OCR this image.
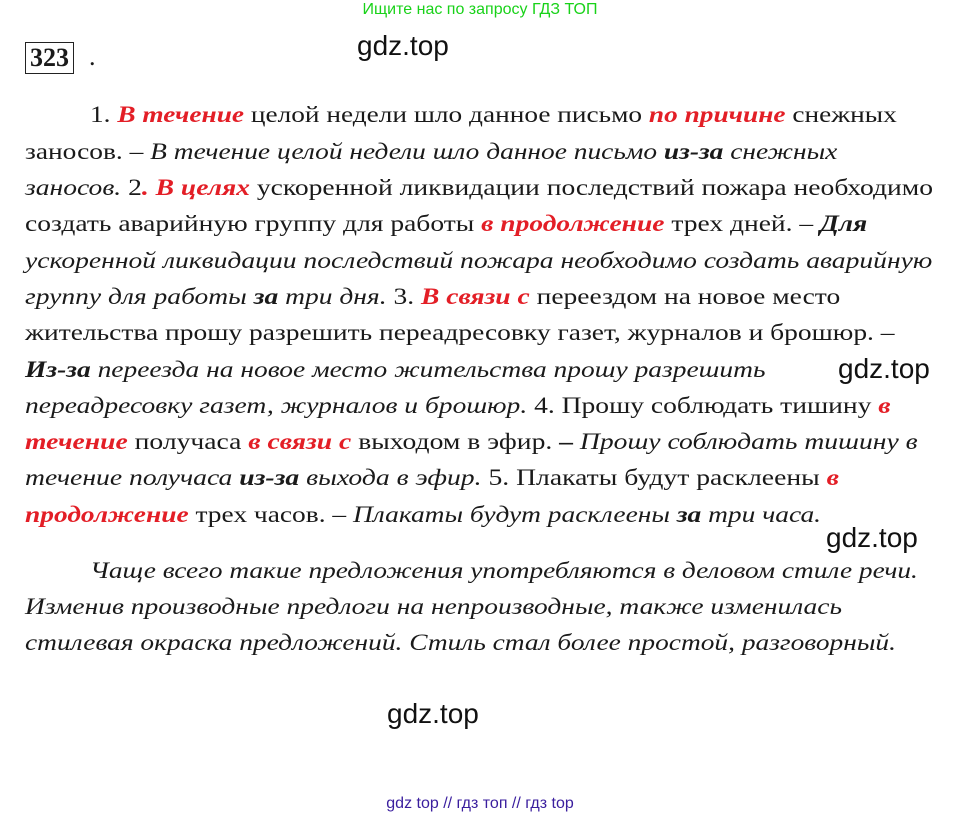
Ищите нас по запросу ГДЗ ТОП
323 .	gdz.top
gdz.top
gdz.top
gdz.top
1. В течение целой недели шло данное письмо по причине снежных
заносов. – В течение целой недели шло данное письмо из-за снежных
заносов. 2. В целях ускоренной ликвидации последствий пожара необходимо
создать аварийную группу для работы в продолжение трех дней. – Для
ускоренной ликвидации последствий пожара необходимо создать аварийную
группу для работы за три дня. 3. В связи с переездом на новое место
жительства прошу разрешить переадресовку газет, журналов и брошюр. –
Из-за переезда на новое место жительства прошу разрешить
переадресовку газет, журналов и брошюр. 4. Прошу соблюдать тишину в
течение получаса в связи с выходом в эфир. – Прошу соблюдать тишину в
течение получаса из-за выхода в эфир. 5. Плакаты будут расклеены в
продолжение трех часов. – Плакаты будут расклеены за три часа.
Чаще всего такие предложения употребляются в деловом стиле речи.
Изменив производные предлоги на непроизводные, также изменилась
стилевая окраска предложений. Стиль стал более простой, разговорный.
gdz top // гдз топ // гдз top
